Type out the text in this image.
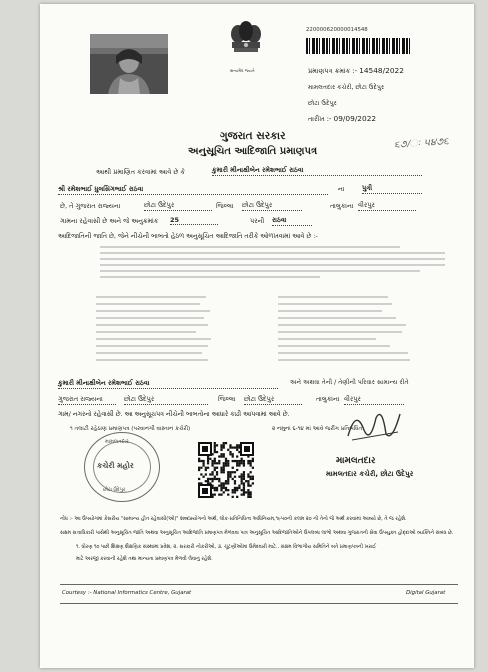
સત્યમેવ જયતે
220000620000014548
પ્રમાણપત્ર ક્રમાંક :- 14548/2022
મામલતદાર કચેરી, છોટા ઉદેપુર
છોટા ઉદેપુર
તારીખ :- 09/09/2022
૬૭/ઃ ૫૪૭૬
ગુજરાત સરકાર
અનુસૂચિત આદિજાતિ પ્રમાણપત્ર
આથી પ્રમાણિત કરવામાં આવે છે કે	કુમારી મીનાક્ષીબેન રમેશભાઈ રાઠવા
શ્રી રમેશભાઈ ધુલસિંગભાઈ રાઠવા	ના	પુત્રી
છે, તે ગુજરાત રાજ્યના	છોટા ઉદેપુર	જિલ્લા છોટા ઉદેપુર	તાલુકાના વીરપુર
ગામના રહેવાસી છે અને જે અનુક્રમાંક 25	પરની રાઠવા
આદિજાતિની જાતિ છે, જેને નીચેની બાબતો હેઠળ અનુસૂચિત આદિજાતિ તરીકે ઓળખવામાં આવે છે :-
કુમારી મીનાક્ષીબેન રમેશભાઈ રાઠવા	અને અથવા તેની / તેણીની પરિવાર સામાન્ય રીતે
ગુજરાત રાજ્યના	છોટા ઉદેપુર	જિલ્લા છોટા ઉદેપુર	તાલુકાના વીરપુર
ગામ/ નગરનો રહેવાસી છે. આ અનુસૂચપત્ર નીચેની બાબતોના આધારે કાઢી આપવામાં આવે છે.
૧ તલાટી રહેઠાણ પ્રમાણપત્ર (પરવાનગી વાસ્તાન કચેરી)	૨ નમુના ૬-૧૪ માં આવે જરીંગ પ્રતિબંધિત
મામલતદાર
કચેરી મહોર
છોટા ઉદેપુર
મામલતદાર
મામલતદાર કચેરી, છોટા ઉદેપુર
નોંધ :- આ ઉપયોગમાં કેસરીય "સામાન્ય હીત રહેવાસી(ઓ)" શબ્દપ્રયોગનો અર્થ, લોક-પ્રતિનિધિત્વ અધિનિયમ,૧૯૫૦ની કલમ ૨૦ ની તેનો જે અર્થ કરવામાં આવ્યો છે, તે જ રહેશે.
સક્ષમ સત્તાધિકારી પાસેથી અનુસૂચિત જાતિ અથવા અનુસૂચિત આદિજાતિ પ્રમાણપત્ર મેળવવા પાત્ર અનુસૂચિત આદિજાતિઓને ઉપલબ્ધ લાભો અથવા ગુજરાતની સેવા ઉપયુક્ત હોદ્દાઓ વ્યક્તિને સંબંધ છે.
૧. ધોરણ ૧૦ પછી શિક્ષણ શૈક્ષણિક સંસ્થામાં પ્રવેશ, ૨. સરકારી નોકરીઓ, ૩. ચૂંટણીઓમાં ઉમેદવારી માટે.. સંક્ષમ વિભાગીય સમિતિને બતે પ્રમાણપત્રની ખરાઈ
માટે અરજી કરવાની રહેશે તથા માન્યતા પ્રમાણપત્ર મેળવી લેવાનું રહેશે.
Courtesy :- National Informatics Centre, Gujarat	Digital Gujarat
